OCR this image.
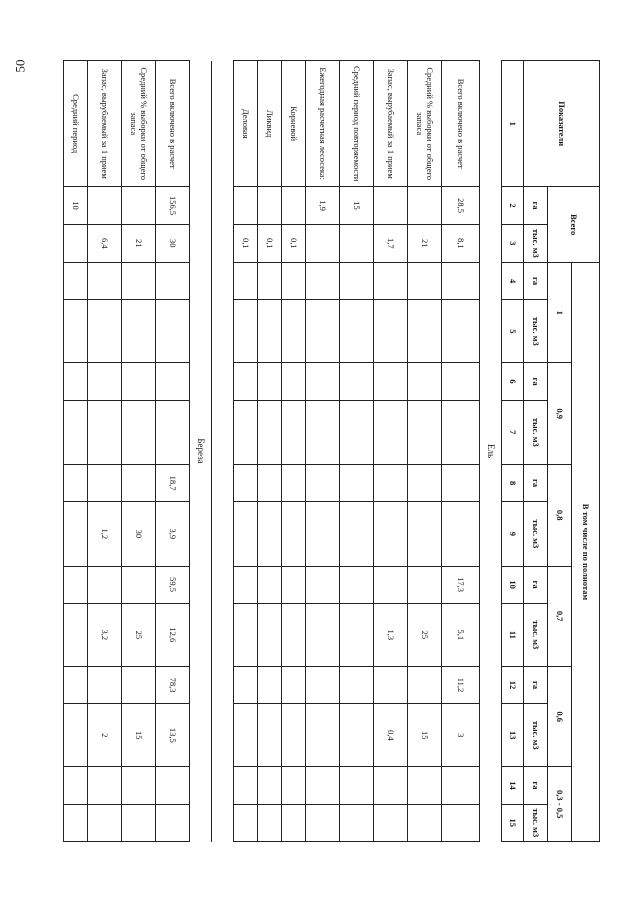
50
Показатели	Всего		В том числе по полнотам											
			1		0,9		0,8		0,7		0,6		0,3 - 0,5	
	га	тыс. м3	га	тыс. м3	га	тыс. м3	га	тыс. м3	га	тыс. м3	га	тыс. м3	га	тыс. м3
1	2	3	4	5	6	7	8	9	10	11	12	13	14	15
Ель														
Всего включено в расчет	28,5	8,1							17,3	5,1	11,2	3		
Средний % выборки от общего запаса		21								25		15		
Запас, вырубаемый за 1 прием		1,7								1,3		0,4		
Средний период повторяемости	15													
Ежегодная расчетная лесосека:	1,9													
Корневой		0,1												
Ликвид		0,1												
Деловая		0,1												

Береза														
Всего включено в расчет	156,5	30					18,7	3,9	59,5	12,6	78,3	13,5		
Средний % выборки от общего запаса		21						30		25		15		
Запас, вырубаемый за 1 прием		6,4						1,2		3,2		2		
Средний период	10													
